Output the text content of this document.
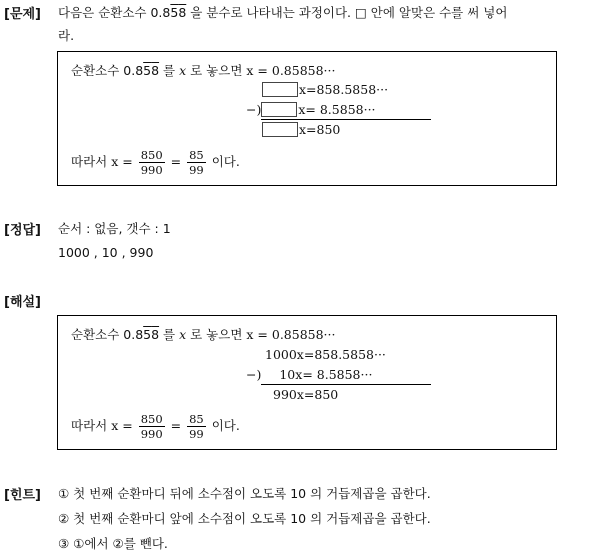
[문제] 다음은 순환소수 0.858 을 분수로 나타내는 과정이다. □ 안에 알맞은 수를 써 넣어
라.
순환소수 0.858 를 x 로 놓으면 x = 0.85858···
x=858.5858···
−)	x= 8.5858···
x=850
따라서 $x = \frac{850}{990} = \frac{85}{99}$ 이다.
[정답] 순서 : 없음, 갯수 : 1
1000 , 10 , 990
[해설]
순환소수 0.858 를 x 로 놓으면 x = 0.85858···
1000x=858.5858···
−) 10x= 8.5858···
990x=850
따라서 $x = \frac{850}{990} = \frac{85}{99}$ 이다.
[힌트] ① 첫 번째 순환마디 뒤에 소수점이 오도록 10 의 거듭제곱을 곱한다.
② 첫 번째 순환마디 앞에 소수점이 오도록 10 의 거듭제곱을 곱한다.
③ ①에서 ②를 뺀다.
